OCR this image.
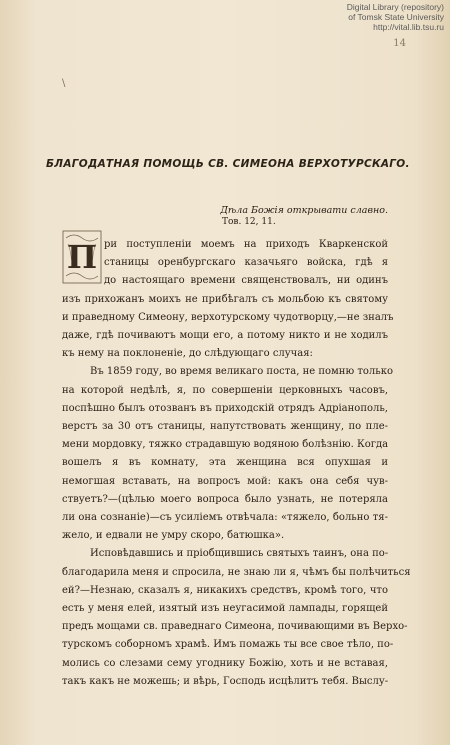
Digital Library (repository)
of Tomsk State University
http://vital.lib.tsu.ru
14
\
БЛАГОДАТНАЯ ПОМОЩЬ СВ. СИМЕОНА ВЕРХОТУРСКАГО.
Дѣла Божія открывати славно.
Тов. 12, 11.
П ри поступленіи моемъ на приходъ Кваркенской
станицы оренбургскаго казачьяго войска, гдѣ я
до настоящаго времени священствовалъ, ни одинъ
изъ прихожанъ моихъ не прибѣгалъ съ мольбою къ святому
и праведному Симеону, верхотурскому чудотворцу,—не зналъ
даже, гдѣ почиваютъ мощи его, а потому никто и не ходилъ
къ нему на поклоненіе, до слѣдующаго случая:
Въ 1859 году, во время великаго поста, не помню только
на которой недѣлѣ, я, по совершеніи церковныхъ часовъ,
поспѣшно былъ отозванъ въ приходскій отрядъ Адріанополь,
верстъ за 30 отъ станицы, напутствовать женщину, по пле-
мени мордовку, тяжко страдавшую водяною болѣзнію. Когда
вошелъ я въ комнату, эта женщина вся опухшая и
немогшая вставать, на вопросъ мой: какъ она себя чув-
ствуетъ?—(цѣлью моего вопроса было узнать, не потеряла
ли она сознаніе)—съ усиліемъ отвѣчала: «тяжело, больно тя-
жело, и едвали не умру скоро, батюшка».
Исповѣдавшись и пріобщившись святыхъ таинъ, она по-
благодарила меня и спросила, не знаю ли я, чѣмъ бы полѣчиться
ей?—Незнаю, сказалъ я, никакихъ средствъ, кромѣ того, что
есть у меня елей, изятый изъ неугасимой лампады, горящей
предъ мощами св. праведнаго Симеона, почивающими въ Верхо-
турскомъ соборномъ храмѣ. Имъ помажь ты все свое тѣло, по-
молись со слезами сему угоднику Божію, хоть и не вставая,
такъ какъ не можешь; и вѣрь, Господь исцѣлитъ тебя. Выслу-
